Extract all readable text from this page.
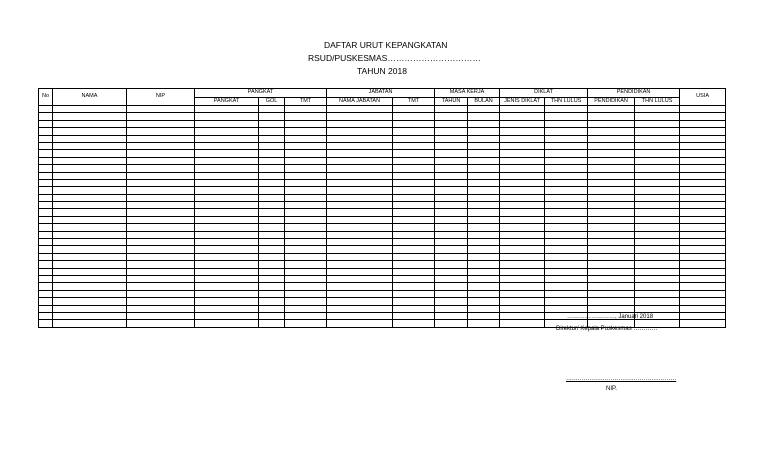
DAFTAR URUT KEPANGKATAN
RSUD/PUSKESMAS……………………………
TAHUN 2018
No	NAMA	NIP	PANGKAT			JABATAN		MASA KERJA		DIKLAT		PENDIDIKAN		USIA
			PANGKAT	GOL	TMT	NAMA JABATAN	TMT	TAHUN	BULAN	JENIS DIKLAT	THN LULUS	PENDIDIKAN	THN LULUS	

……………………, Januari 2018
Direktur/ Kepala Puskesmas …………
…………………………………………………
NIP.
